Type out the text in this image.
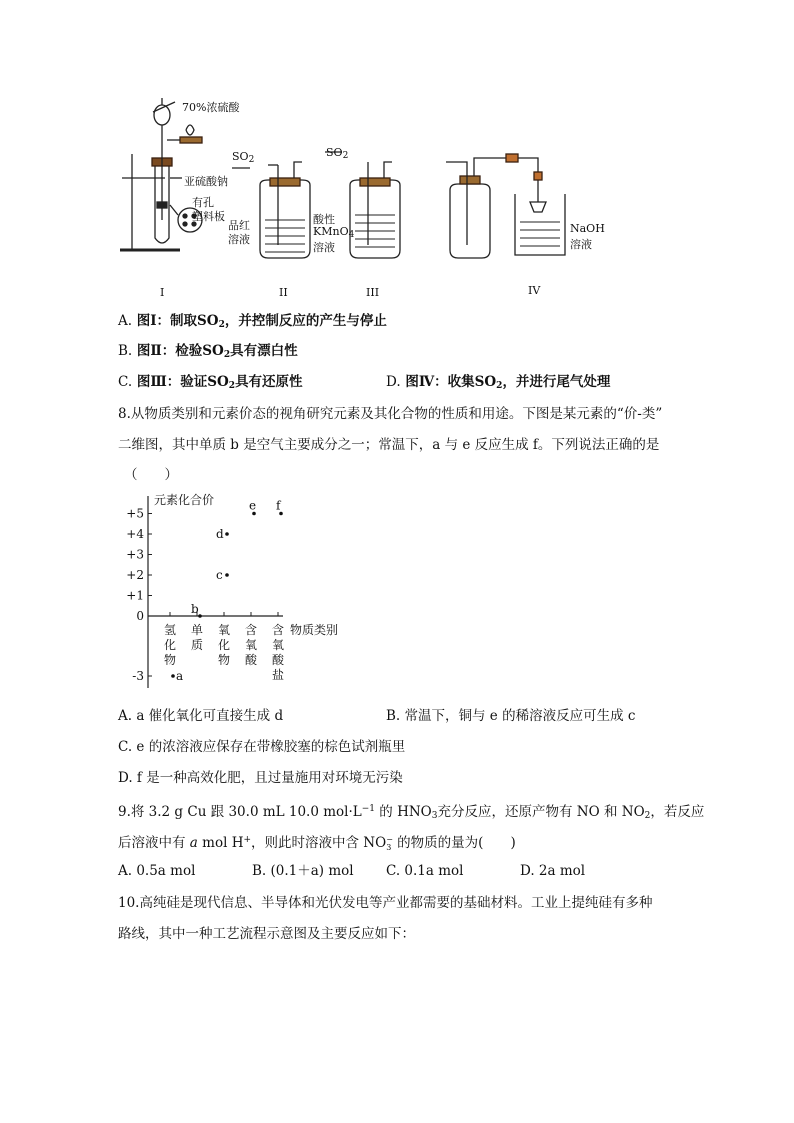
70%浓硫酸
亚硫酸钠
有孔
塑料板
$SO_2$
$SO_2$
品红
溶液
酸性
KMnO$_4$
溶液
NaOH
溶液
I	II	III	IV
A. 图Ⅰ：制取$SO_2$，并控制反应的产生与停止
B. 图Ⅱ：检验$SO_2$具有漂白性
C. 图Ⅲ：验证$SO_2$具有还原性	D. 图Ⅳ：收集$SO_2$，并进行尾气处理
8.从物质类别和元素价态的视角研究元素及其化合物的性质和用途。下图是某元素的“价-类”
二维图，其中单质 b 是空气主要成分之一；常温下，a 与 e 反应生成 f。下列说法正确的是
（　　）
元素化合价
物质类别
+5
+4
+3
+2
+1
0
-3
氢化物
单质
氧化物
含氧酸
含氧酸盐
a
b
c
d
e f
A. a 催化氧化可直接生成 d	B. 常温下，铜与 e 的稀溶液反应可生成 c
C. e 的浓溶液应保存在带橡胶塞的棕色试剂瓶里
D. f 是一种高效化肥，且过量施用对环境无污染
9.将 3.2 g Cu 跟 30.0 mL 10.0 $mol\cdot L^{-1}$ 的 $HNO_3$充分反应，还原产物有 NO 和 $NO_2$，若反应
后溶液中有 a mol H+，则此时溶液中含 NO −
3 的物质的量为(　　)
A. 0.5a mol	B. (0.1＋a) mol C. 0.1a mol	D. 2a mol
10.高纯硅是现代信息、半导体和光伏发电等产业都需要的基础材料。工业上提纯硅有多种
路线，其中一种工艺流程示意图及主要反应如下：
